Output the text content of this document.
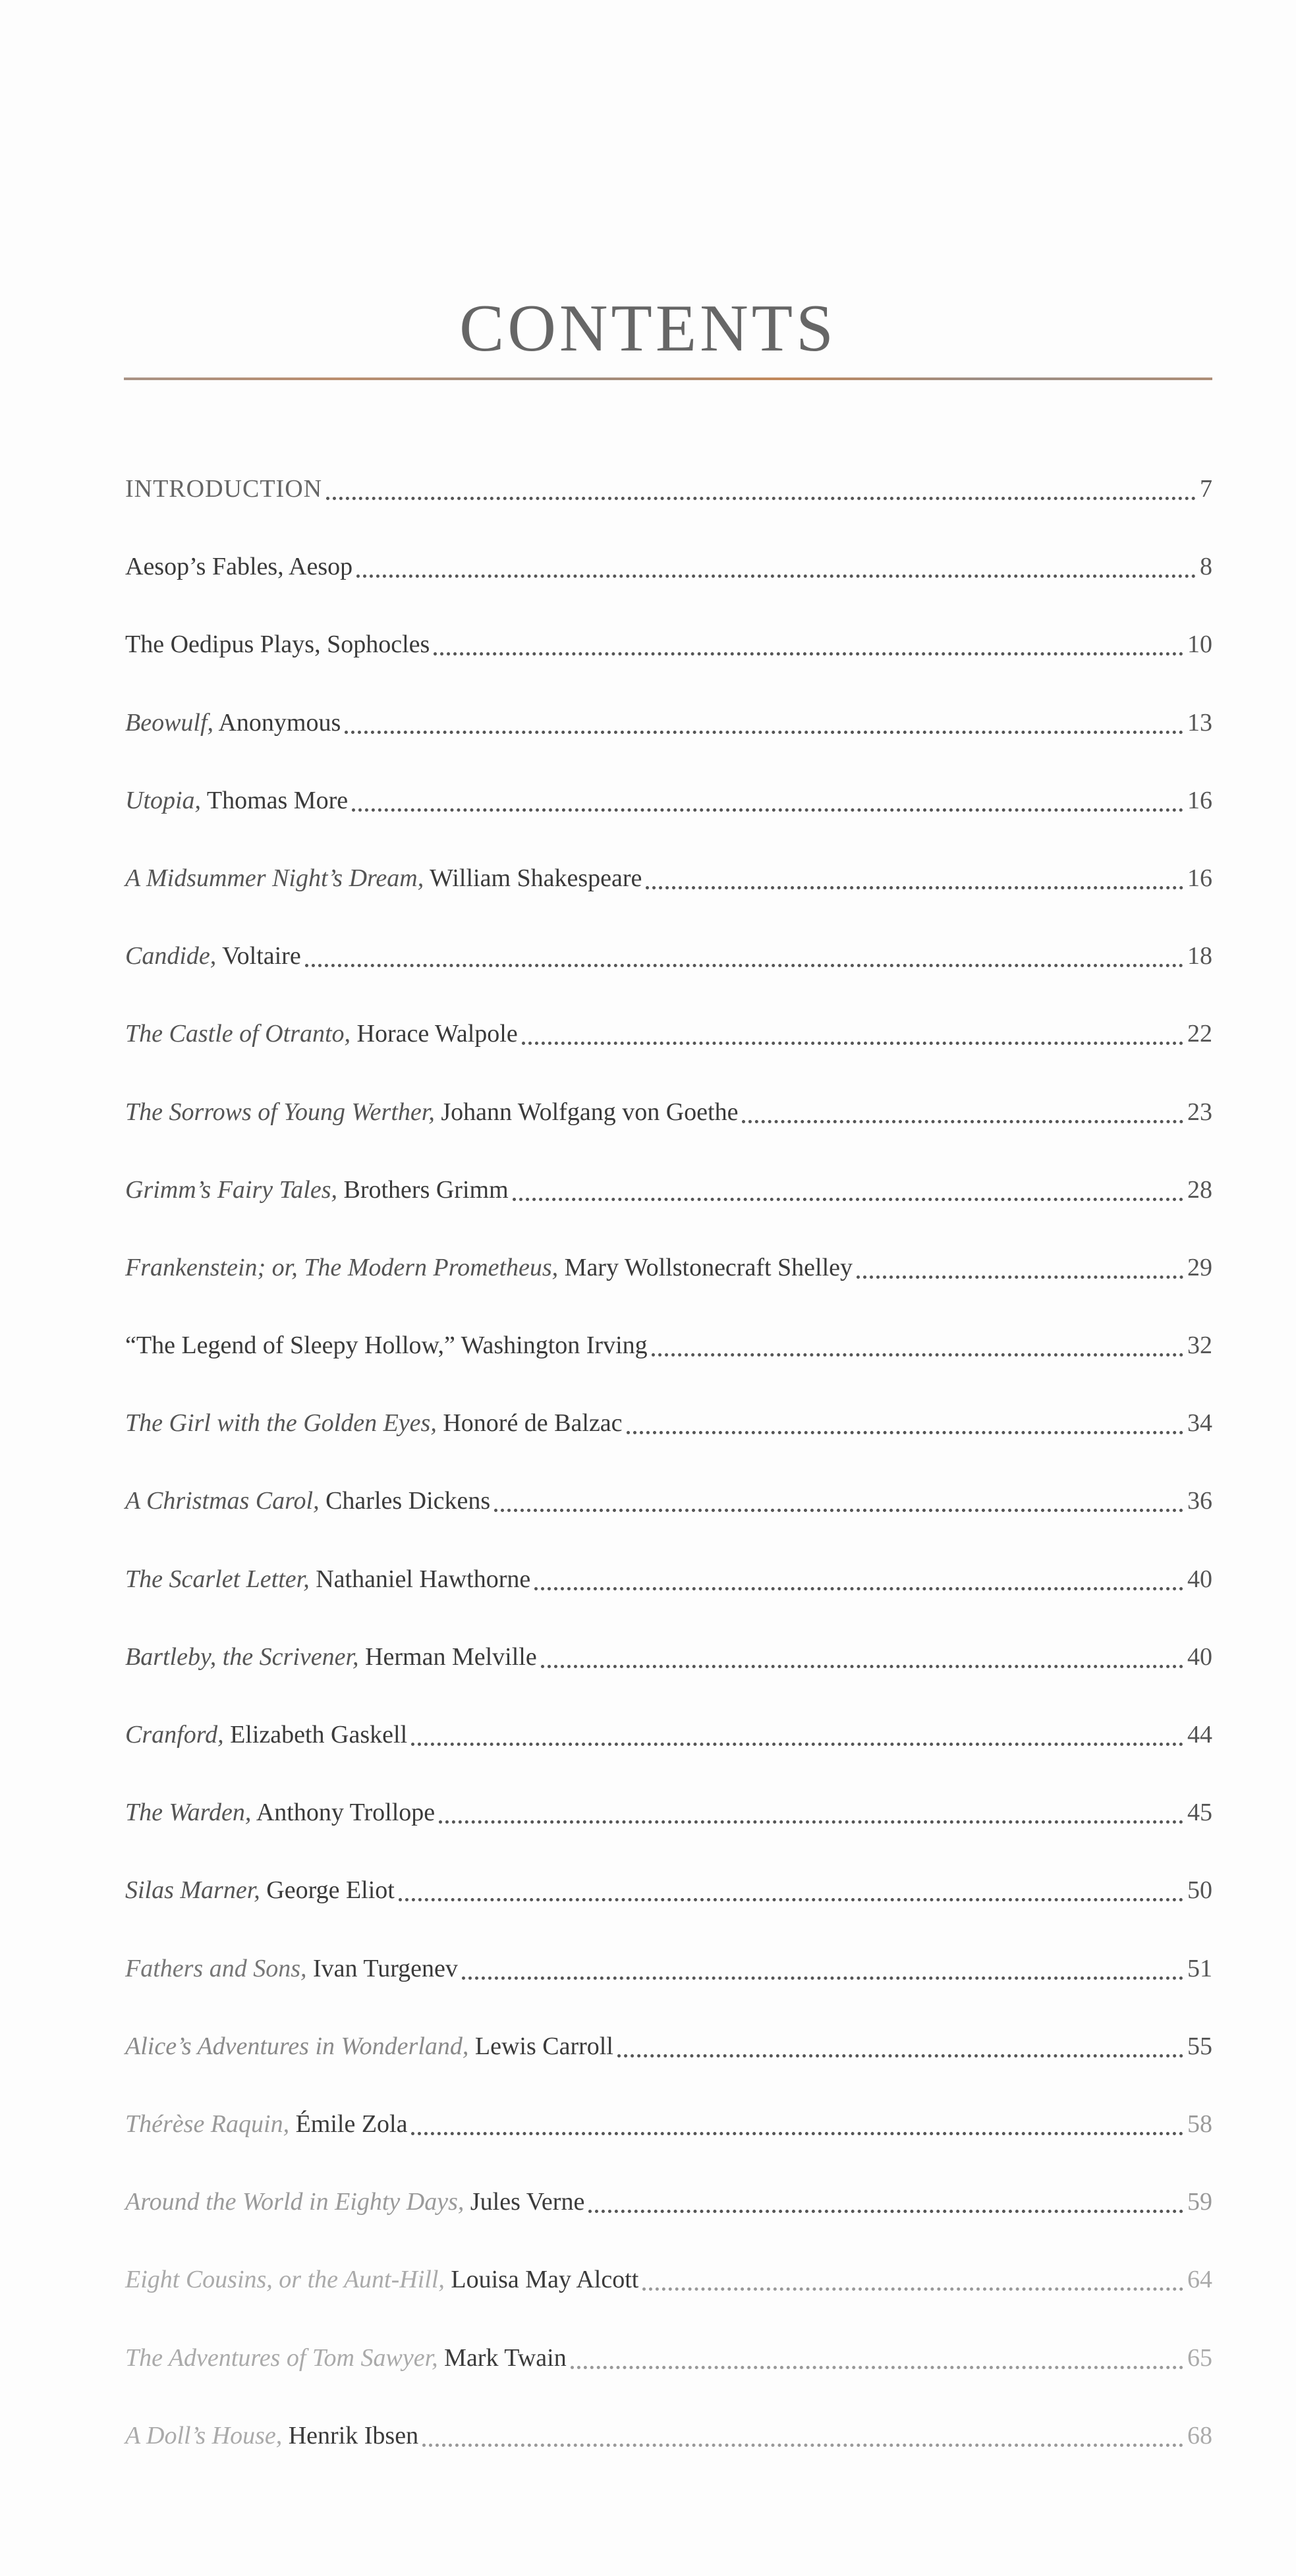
CONTENTS
INTRODUCTION	7
Aesop’s Fables, Aesop	8
The Oedipus Plays, Sophocles	10
Beowulf, Anonymous	13
Utopia, Thomas More	16
A Midsummer Night’s Dream, William Shakespeare	16
Candide, Voltaire	18
The Castle of Otranto, Horace Walpole	22
The Sorrows of Young Werther, Johann Wolfgang von Goethe	23
Grimm’s Fairy Tales, Brothers Grimm	28
Frankenstein; or, The Modern Prometheus, Mary Wollstonecraft Shelley	29
“The Legend of Sleepy Hollow,” Washington Irving	32
The Girl with the Golden Eyes, Honoré de Balzac	34
A Christmas Carol, Charles Dickens	36
The Scarlet Letter, Nathaniel Hawthorne	40
Bartleby, the Scrivener, Herman Melville	40
Cranford, Elizabeth Gaskell	44
The Warden, Anthony Trollope	45
Silas Marner, George Eliot	50
Fathers and Sons, Ivan Turgenev	51
Alice’s Adventures in Wonderland, Lewis Carroll	55
Thérèse Raquin, Émile Zola	58
Around the World in Eighty Days, Jules Verne	59
Eight Cousins, or the Aunt-Hill, Louisa May Alcott	64
The Adventures of Tom Sawyer, Mark Twain	65
A Doll’s House, Henrik Ibsen	68
